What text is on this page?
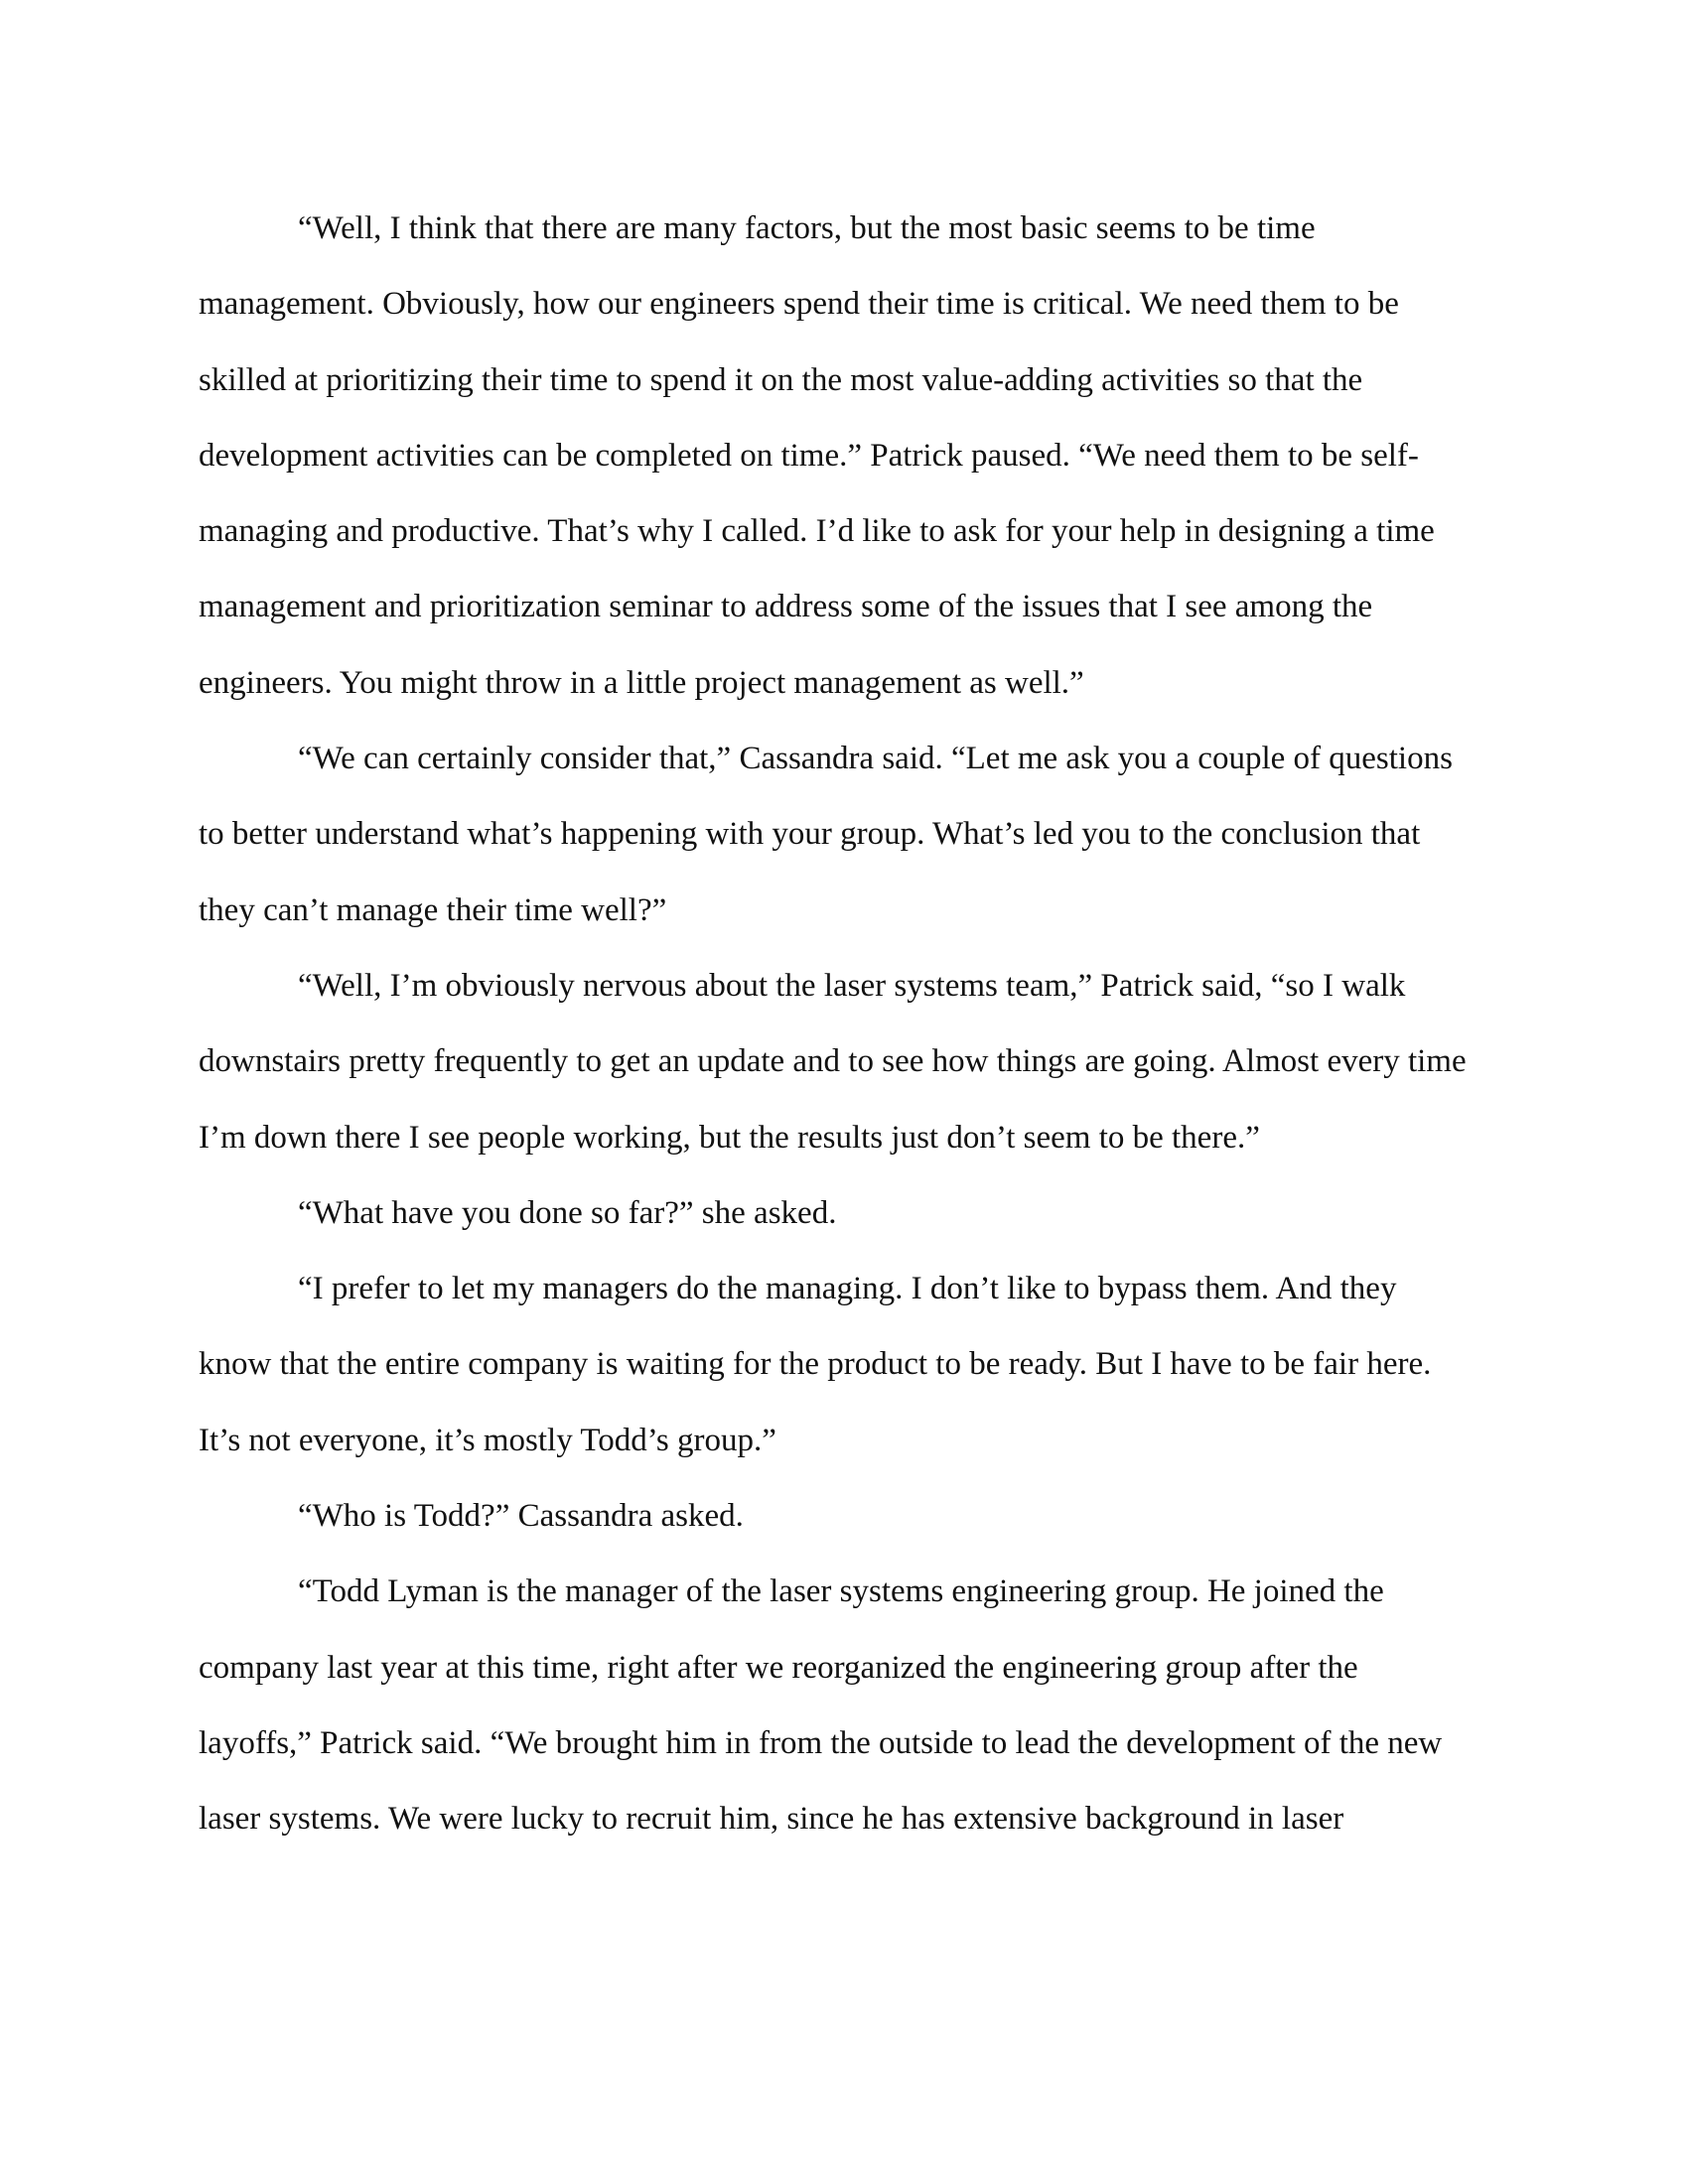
“Well, I think that there are many factors, but the most basic seems to be time
management. Obviously, how our engineers spend their time is critical. We need them to be
skilled at prioritizing their time to spend it on the most value-adding activities so that the
development activities can be completed on time.” Patrick paused. “We need them to be self-
managing and productive. That’s why I called. I’d like to ask for your help in designing a time
management and prioritization seminar to address some of the issues that I see among the
engineers. You might throw in a little project management as well.”
“We can certainly consider that,” Cassandra said. “Let me ask you a couple of questions
to better understand what’s happening with your group. What’s led you to the conclusion that
they can’t manage their time well?”
“Well, I’m obviously nervous about the laser systems team,” Patrick said, “so I walk
downstairs pretty frequently to get an update and to see how things are going. Almost every time
I’m down there I see people working, but the results just don’t seem to be there.”
“What have you done so far?” she asked.
“I prefer to let my managers do the managing. I don’t like to bypass them. And they
know that the entire company is waiting for the product to be ready. But I have to be fair here.
It’s not everyone, it’s mostly Todd’s group.”
“Who is Todd?” Cassandra asked.
“Todd Lyman is the manager of the laser systems engineering group. He joined the
company last year at this time, right after we reorganized the engineering group after the
layoffs,” Patrick said. “We brought him in from the outside to lead the development of the new
laser systems. We were lucky to recruit him, since he has extensive background in laser
